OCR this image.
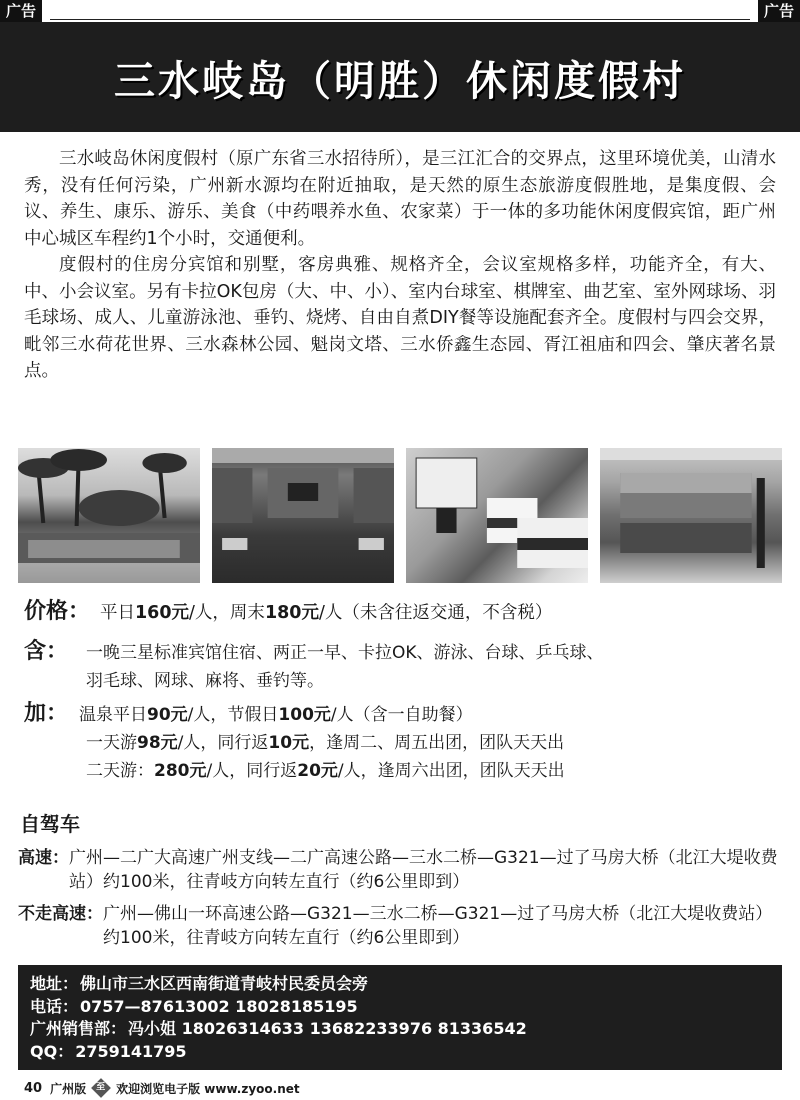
广告	广告
三水岐岛（明胜）休闲度假村

三水岐岛休闲度假村（原广东省三水招待所），是三江汇合的交界点，这里环境优美，山清水秀，没有任何污染，广州新水源均在附近抽取，是天然的原生态旅游度假胜地，是集度假、会议、养生、康乐、游乐、美食（中药喂养水鱼、农家菜）于一体的多功能休闲度假宾馆，距广州中心城区车程约1个小时，交通便利。

度假村的住房分宾馆和别墅，客房典雅、规格齐全，会议室规格多样，功能齐全，有大、中、小会议室。另有卡拉OK包房（大、中、小）、室内台球室、棋牌室、曲艺室、室外网球场、羽毛球场、成人、儿童游泳池、垂钓、烧烤、自由自煮DIY餐等设施配套齐全。度假村与四会交界，毗邻三水荷花世界、三水森林公园、魁岗文塔、三水侨鑫生态园、胥江祖庙和四会、肇庆著名景点。

价格： 平日 160元 /人，周末 180元 /人（未含往返交通，不含税）
含：	一晚三星标准宾馆住宿、两正一早、卡拉OK、游泳、台球、乒乓球、
羽毛球、网球、麻将、垂钓等。
加： 温泉平日 90元 /人，节假日 100元 /人（含一自助餐）
一天游98元/人，同行返10元，逢周二、周五出团，团队天天出
二天游：280元/人，同行返20元/人，逢周六出团，团队天天出
自驾车
高速： 广州—二广大高速广州支线—二广高速公路—三水二桥—G321—过了马房大桥（北江大堤收费站）约100米，往青岐方向转左直行（约6公里即到）
不走高速： 广州—佛山一环高速公路—G321—三水二桥—G321—过了马房大桥（北江大堤收费站）约100米，往青岐方向转左直行（约6公里即到）
地址： 佛山市三水区西南街道青岐村民委员会旁
电话： 0757—87613002 18028185195
广州销售部： 冯小姐 18026314633 13682233976 81336542
QQ： 2759141795
40 广州版	至 欢迎浏览电子版 www.zyoo.net
